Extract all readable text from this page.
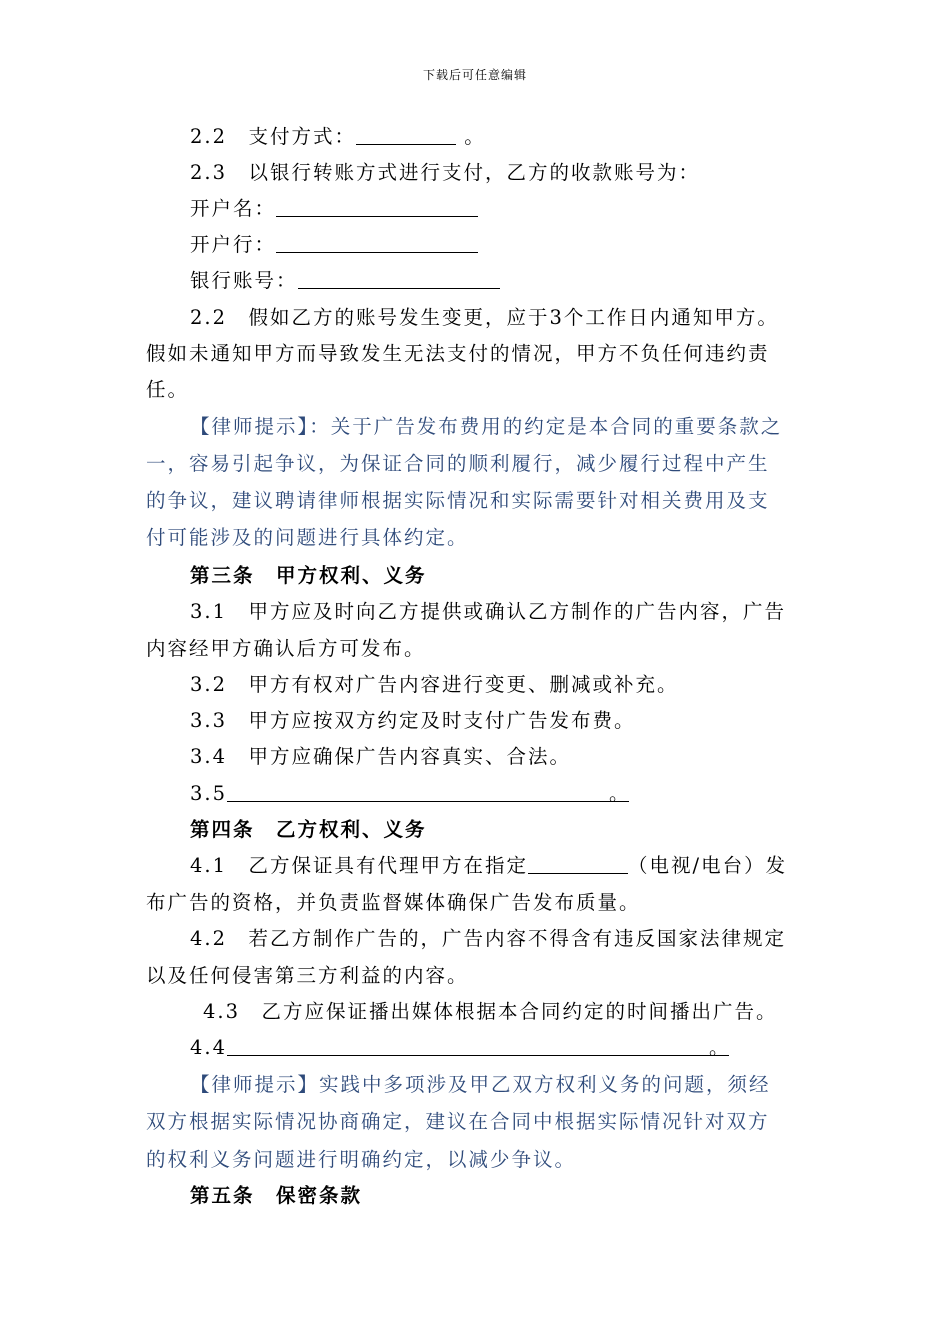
下载后可任意编辑
2.2　支付方式：	。
2.3　以银行转账方式进行支付，乙方的收款账号为：
开户名：
开户行：
银行账号：
2.2　假如乙方的账号发生变更，应于3个工作日内通知甲方。
假如未通知甲方而导致发生无法支付的情况，甲方不负任何违约责
任。
【律师提示】：关于广告发布费用的约定是本合同的重要条款之
一，容易引起争议，为保证合同的顺利履行，减少履行过程中产生
的争议，建议聘请律师根据实际情况和实际需要针对相关费用及支
付可能涉及的问题进行具体约定。
第三条　甲方权利、义务
3.1　甲方应及时向乙方提供或确认乙方制作的广告内容，广告
内容经甲方确认后方可发布。
3.2　甲方有权对广告内容进行变更、删减或补充。
3.3　甲方应按双方约定及时支付广告发布费。
3.4　甲方应确保广告内容真实、合法。
3.5	。
第四条　乙方权利、义务
4.1　乙方保证具有代理甲方在指定	（电视/电台）发
布广告的资格，并负责监督媒体确保广告发布质量。
4.2　若乙方制作广告的，广告内容不得含有违反国家法律规定
以及任何侵害第三方利益的内容。
4.3　乙方应保证播出媒体根据本合同约定的时间播出广告。
4.4	。
【律师提示】实践中多项涉及甲乙双方权利义务的问题，须经
双方根据实际情况协商确定，建议在合同中根据实际情况针对双方
的权利义务问题进行明确约定，以减少争议。
第五条　保密条款
